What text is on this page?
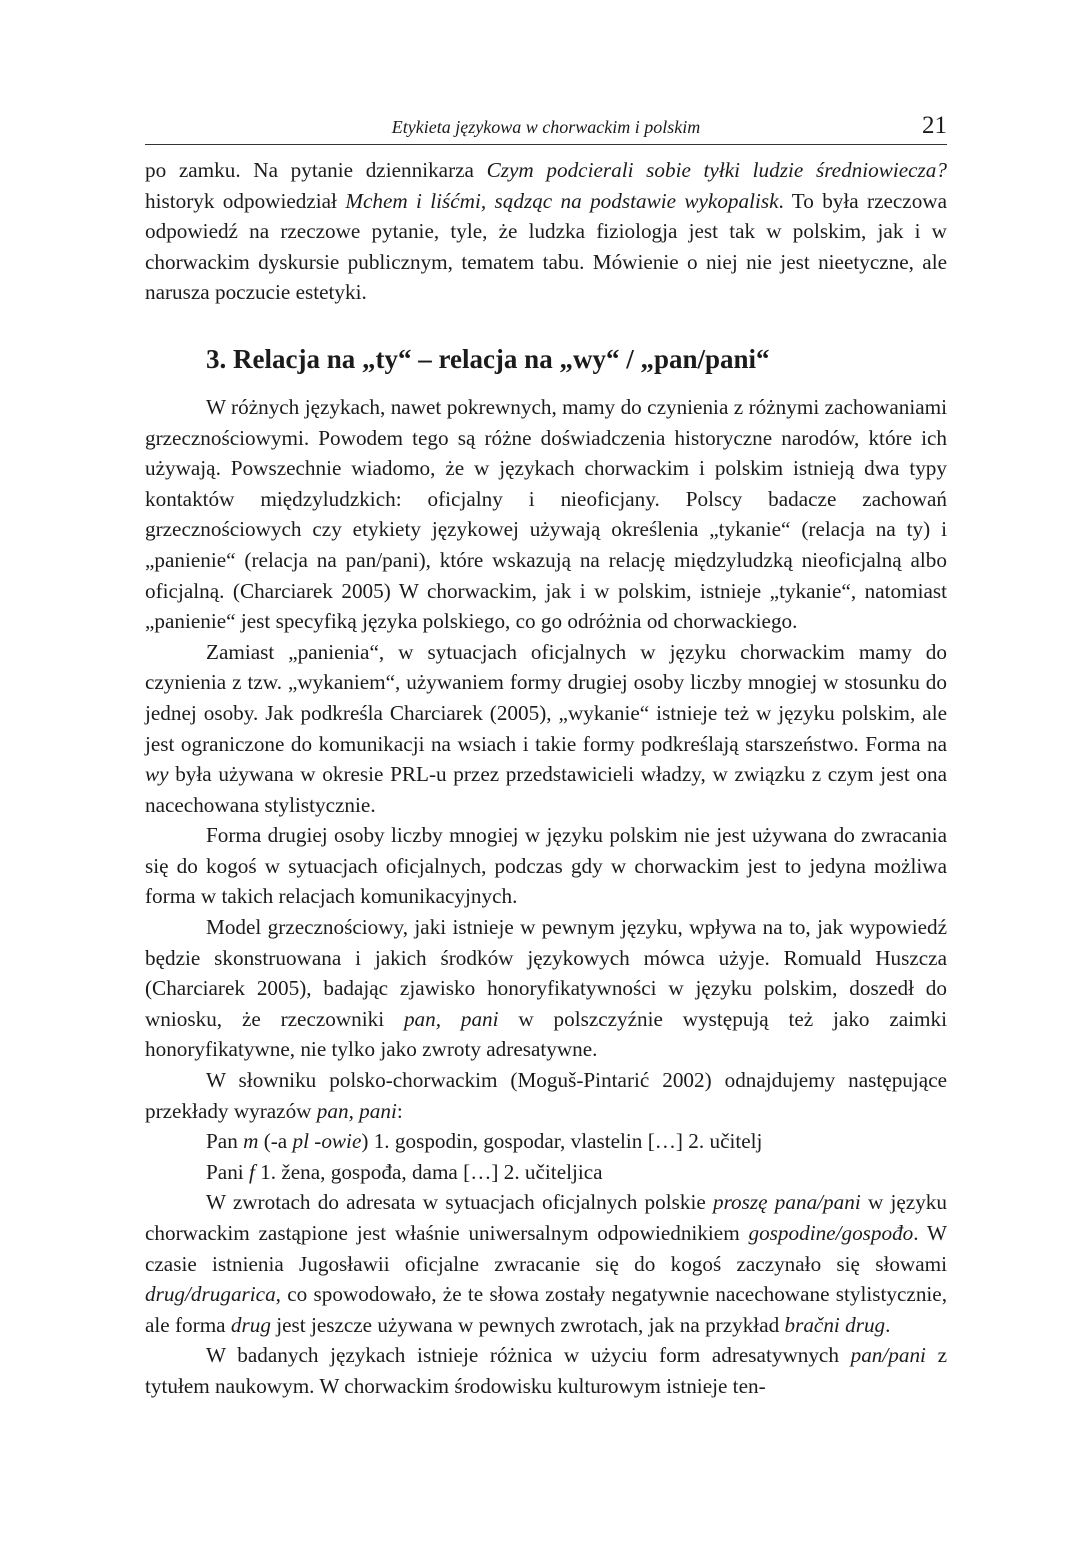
Etykieta językowa w chorwackim i polskim	21

po zamku. Na pytanie dziennikarza Czym podcierali sobie tyłki ludzie średniowiecza? historyk odpowiedział Mchem i liśćmi, sądząc na podstawie wykopalisk. To była rzeczowa odpowiedź na rzeczowe pytanie, tyle, że ludzka fiziologja jest tak w polskim, jak i w chorwackim dyskursie publicznym, tematem tabu. Mówienie o niej nie jest nieetyczne, ale narusza poczucie estetyki.

3. Relacja na „ty“ – relacja na „wy“ / „pan/pani“

W różnych językach, nawet pokrewnych, mamy do czynienia z różnymi zachowaniami grzecznościowymi. Powodem tego są różne doświadczenia historyczne narodów, które ich używają. Powszechnie wiadomo, że w językach chorwackim i polskim istnieją dwa typy kontaktów międzyludzkich: oficjalny i nieoficjany. Polscy badacze zachowań grzecznościowych czy etykiety językowej używają określenia „tykanie“ (relacja na ty) i „panienie“ (relacja na pan/pani), które wskazują na relację międzyludzką nieoficjalną albo oficjalną. (Charciarek 2005) W chorwackim, jak i w polskim, istnieje „tykanie“, natomiast „panienie“ jest specyfiką języka polskiego, co go odróżnia od chorwackiego.

Zamiast „panienia“, w sytuacjach oficjalnych w języku chorwackim mamy do czynienia z tzw. „wykaniem“, używaniem formy drugiej osoby liczby mnogiej w stosunku do jednej osoby. Jak podkreśla Charciarek (2005), „wykanie“ istnieje też w języku polskim, ale jest ograniczone do komunikacji na wsiach i takie formy podkreślają starszeństwo. Forma na wy była używana w okresie PRL-u przez przedstawicieli władzy, w związku z czym jest ona nacechowana stylistycznie.

Forma drugiej osoby liczby mnogiej w języku polskim nie jest używana do zwracania się do kogoś w sytuacjach oficjalnych, podczas gdy w chorwackim jest to jedyna możliwa forma w takich relacjach komunikacyjnych.

Model grzecznościowy, jaki istnieje w pewnym języku, wpływa na to, jak wypowiedź będzie skonstruowana i jakich środków językowych mówca użyje. Romuald Huszcza (Charciarek 2005), badając zjawisko honoryfikatywności w języku polskim, doszedł do wniosku, że rzeczowniki pan, pani w polszczyźnie występują też jako zaimki honoryfikatywne, nie tylko jako zwroty adresatywne.

W słowniku polsko-chorwackim (Moguš-Pintarić 2002) odnajdujemy następujące przekłady wyrazów pan, pani:

Pan m (-a pl -owie) 1. gospodin, gospodar, vlastelin […] 2. učitelj

Pani f 1. žena, gospođa, dama […] 2. učiteljica

W zwrotach do adresata w sytuacjach oficjalnych polskie proszę pana/pani w języku chorwackim zastąpione jest właśnie uniwersalnym odpowiednikiem gospodine/gospođo. W czasie istnienia Jugosławii oficjalne zwracanie się do kogoś zaczynało się słowami drug/drugarica, co spowodowało, że te słowa zostały negatywnie nacechowane stylistycznie, ale forma drug jest jeszcze używana w pewnych zwrotach, jak na przykład bračni drug.

W badanych językach istnieje różnica w użyciu form adresatywnych pan/​pani z tytułem naukowym. W chorwackim środowisku kulturowym istnieje ten-
